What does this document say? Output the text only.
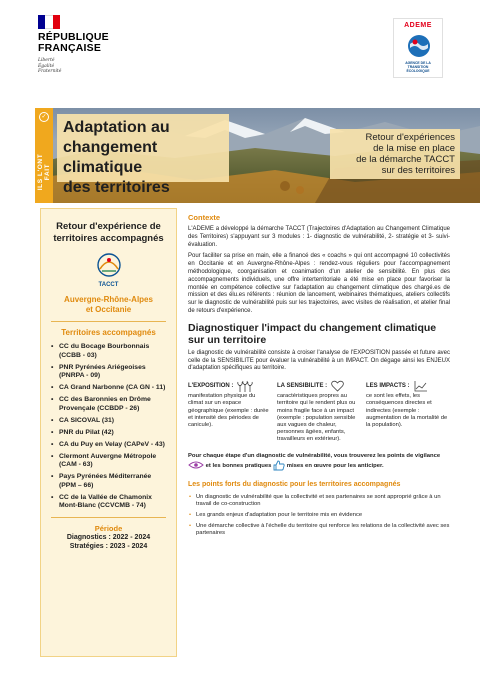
RÉPUBLIQUE
FRANÇAISE
Liberté
Égalité
Fraternité
ADEME
AGENCE DE LA
TRANSITION
ÉCOLOGIQUE
✓
ILS L'ONT FAIT
Adaptation au
changement climatique
des territoires
Retour d'expériences
de la mise en place
de la démarche TACCT
sur des territoires
Retour d'expérience de territoires accompagnés
TACCT
Auvergne-Rhône-Alpes
et Occitanie
Territoires accompagnés
• CC du Bocage Bourbonnais (CCBB - 03)
• PNR Pyrénées Ariégeoises (PNRPA - 09)
• CA Grand Narbonne (CA GN - 11)
• CC des Baronnies en Drôme Provençale (CCBDP - 26)
• CA SICOVAL (31)
• PNR du Pilat (42)
• CA du Puy en Velay (CAPeV - 43)
• Clermont Auvergne Métropole (CAM - 63)
• Pays Pyrénées Méditerranée (PPM – 66)
• CC de la Vallée de Chamonix Mont-Blanc (CCVCMB - 74)
Période
Diagnostics : 2022 - 2024
Stratégies : 2023 - 2024
Contexte

L'ADEME a développé la démarche TACCT (Trajectoires d'Adaptation au Changement Climatique des Territoires) s'appuyant sur 3 modules : 1- diagnostic de vulnérabilité, 2- stratégie et 3- suivi-évaluation.

Pour faciliter sa prise en main, elle a financé des « coachs » qui ont accompagné 10 collectivités en Occitanie et en Auvergne-Rhône-Alpes : rendez-vous réguliers pour l'accompagnement méthodologique, coorganisation et coanimation d'un atelier de sensibilité. En plus des accompagnements individuels, une offre interterritoriale a été mise en place pour favoriser la montée en compétence collective sur l'adaptation au changement climatique des chargé.es de mission et des élu.es référents : réunion de lancement, webinaires thématiques, ateliers collectifs sur le diagnostic de vulnérabilité puis sur les trajectoires, avec visites de réalisation, et atelier final de retours d'expérience.

Diagnostiquer l'impact du changement climatique sur un territoire

Le diagnostic de vulnérabilité consiste à croiser l'analyse de l'EXPOSITION passée et future avec celle de la SENSIBILITE pour évaluer la vulnérabilité à un IMPACT. On dégage ainsi les ENJEUX d'adaptation spécifiques au territoire.

L'EXPOSITION :
manifestation physique du climat sur un espace géographique (exemple : durée et intensité des périodes de canicule).
LA SENSIBILITE :
caractéristiques propres au territoire qui le rendent plus ou moins fragile face à un impact (exemple : population sensible aux vagues de chaleur, personnes âgées, enfants, travailleurs en extérieur).
LES IMPACTS :
ce sont les effets, les conséquences directes et indirectes (exemple : augmentation de la mortalité de la population).
Pour chaque étape d'un diagnostic de vulnérabilité, vous trouverez les points de vigilance  et les bonnes pratiques	mises en œuvre pour les anticiper.
Les points forts du diagnostic pour les territoires accompagnés
• Un diagnostic de vulnérabilité que la collectivité et ses partenaires se sont approprié grâce à un travail de co-construction
• Les grands enjeux d'adaptation pour le territoire mis en évidence
• Une démarche collective à l'échelle du territoire qui renforce les relations de la collectivité avec ses partenaires
